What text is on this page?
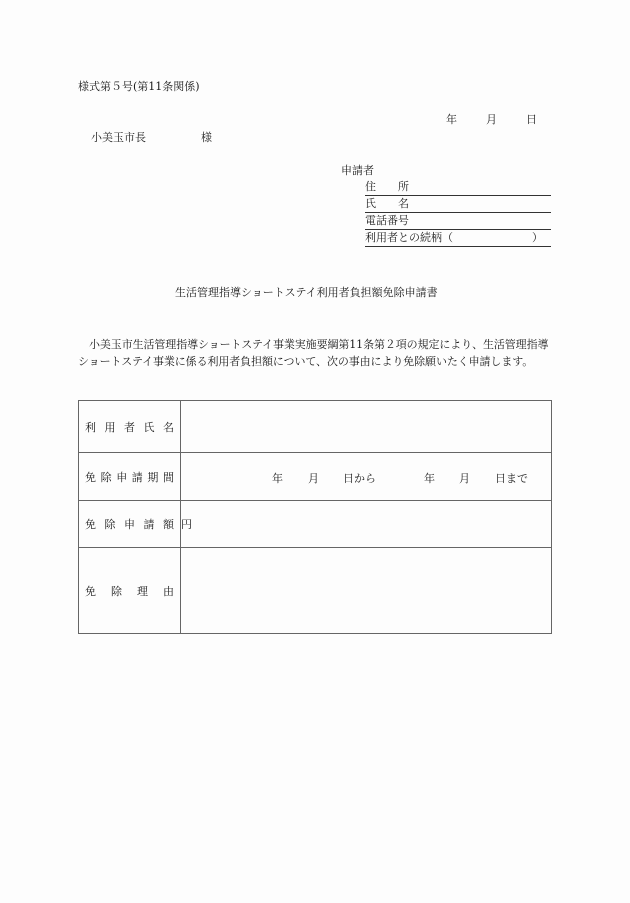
様式第５号(第11条関係)
年	月	日
小美玉市長	様
申請者
住　　所
氏　　名
電話番号
利用者との続柄（	）
生活管理指導ショートステイ利用者負担額免除申請書
小美玉市生活管理指導ショートステイ事業実施要綱第11条第２項の規定により、生活管理指導ショートステイ事業に係る利用者負担額について、次の事由により免除願いたく申請します。
利用者氏名	

免除申請期間	年 月 日から	年 月 日まで

免除申請額	円

免除理由	
